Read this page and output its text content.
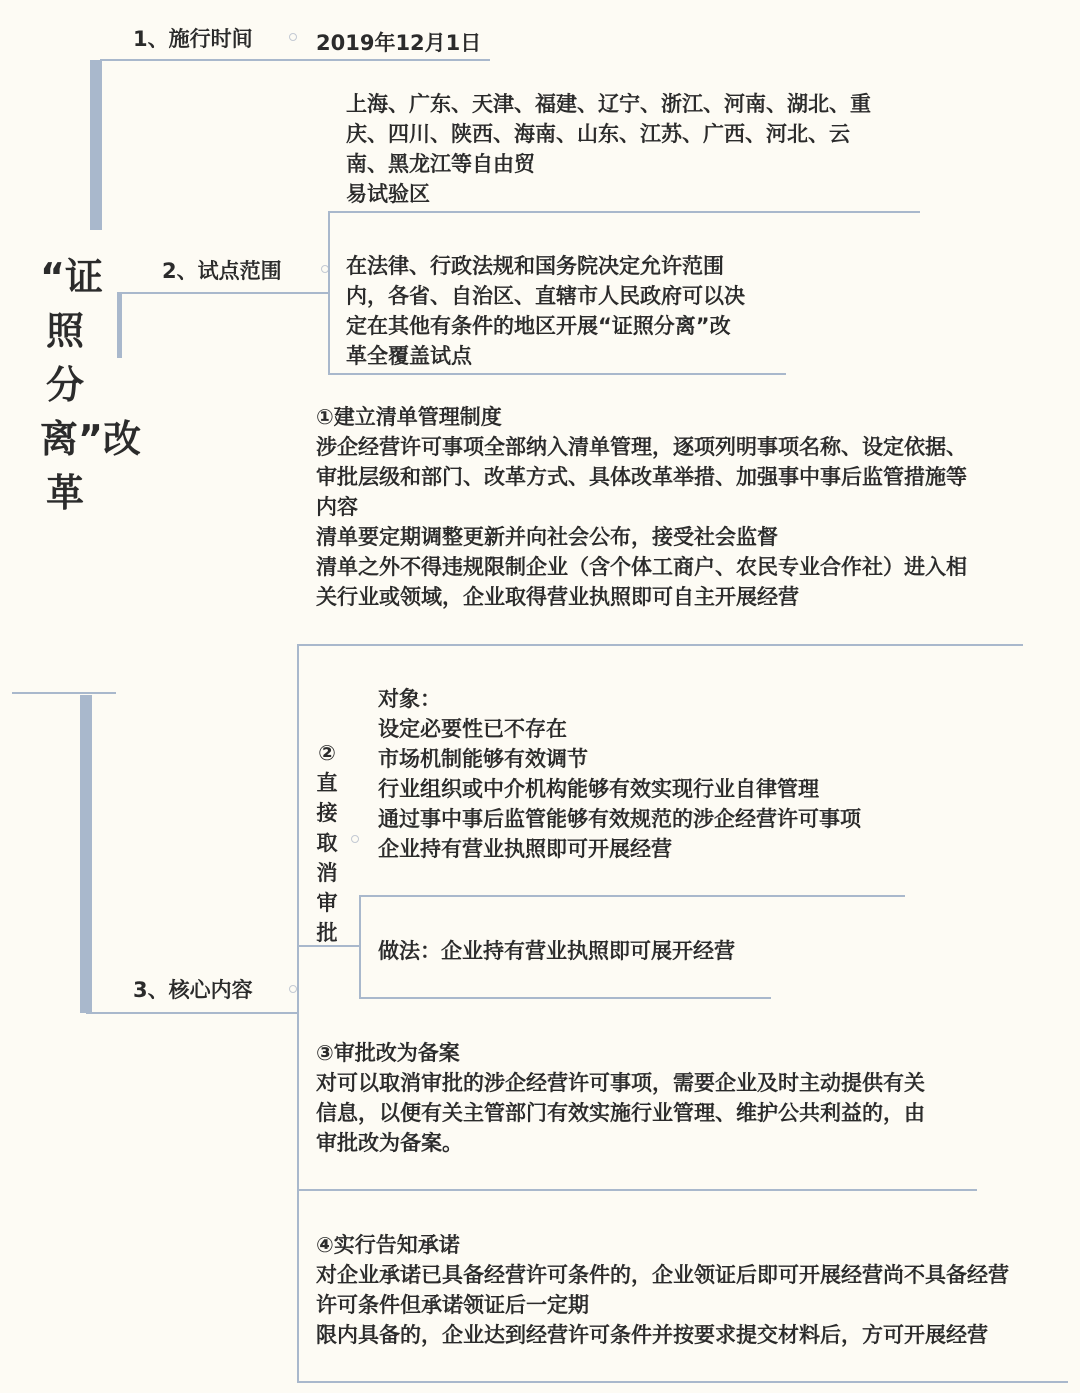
“证照分离”改革
1、施行时间	2019年12月1日
2、试点范围
上海、广东、天津、福建、辽宁、浙江、河南、湖北、重
庆、四川、陕西、海南、山东、江苏、广西、河北、云
南、黑龙江等自由贸
易试验区
在法律、行政法规和国务院决定允许范围
内，各省、自治区、直辖市人民政府可以决
定在其他有条件的地区开展“证照分离”改
革全覆盖试点
3、核心内容
①建立清单管理制度
涉企经营许可事项全部纳入清单管理，逐项列明事项名称、设定依据、
审批层级和部门、改革方式、具体改革举措、加强事中事后监管措施等
内容
清单要定期调整更新并向社会公布，接受社会监督
清单之外不得违规限制企业（含个体工商户、农民专业合作社）进入相
关行业或领域，企业取得营业执照即可自主开展经营
②直接取消审批
对象：
设定必要性已不存在
市场机制能够有效调节
行业组织或中介机构能够有效实现行业自律管理
通过事中事后监管能够有效规范的涉企经营许可事项
企业持有营业执照即可开展经营
做法：企业持有营业执照即可展开经营
③审批改为备案
对可以取消审批的涉企经营许可事项，需要企业及时主动提供有关
信息，以便有关主管部门有效实施行业管理、维护公共利益的，由
审批改为备案。
④实行告知承诺
对企业承诺已具备经营许可条件的，企业领证后即可开展经营尚不具备经营
许可条件但承诺领证后一定期
限内具备的，企业达到经营许可条件并按要求提交材料后，方可开展经营
